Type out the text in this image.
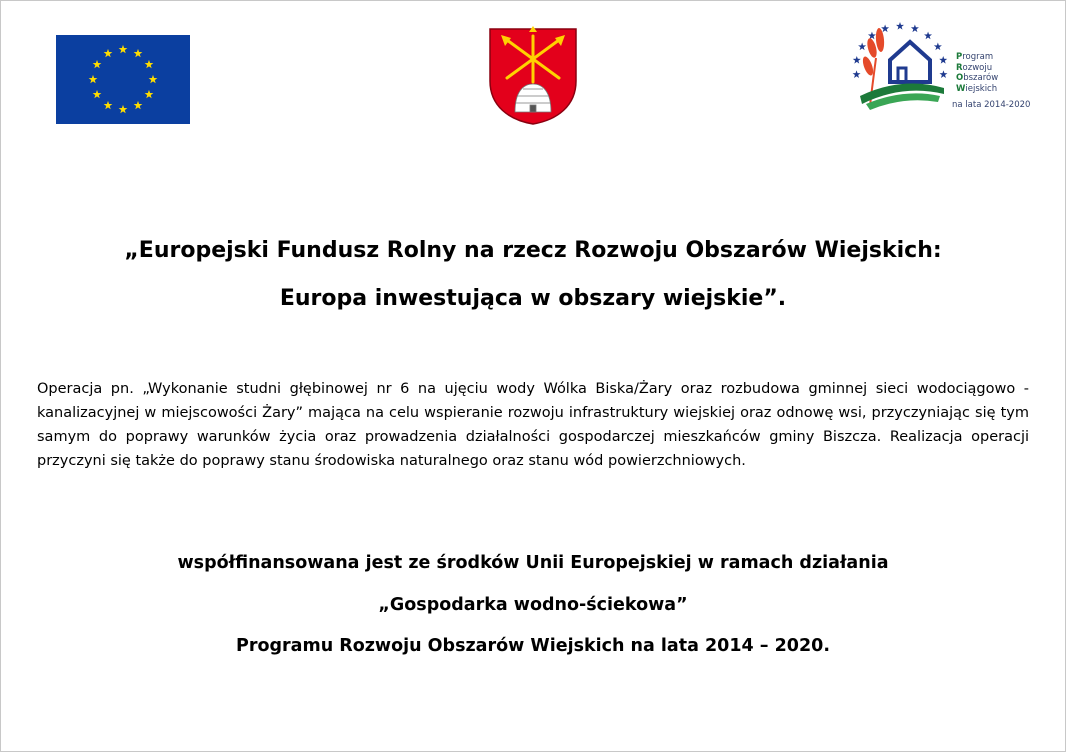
Program
Rozwoju
Obszarów
Wiejskich
na lata 2014-2020
„Europejski Fundusz Rolny na rzecz Rozwoju Obszarów Wiejskich:
Europa inwestująca w obszary wiejskie”.
Operacja pn. „Wykonanie studni głębinowej nr 6 na ujęciu wody Wólka Biska/Żary oraz rozbudowa gminnej sieci wodociągowo - kanalizacyjnej w miejscowości Żary” mająca na celu wspieranie rozwoju infrastruktury wiejskiej oraz odnowę wsi, przyczyniając się tym samym do poprawy warunków życia oraz prowadzenia działalności gospodarczej mieszkańców gminy Biszcza. Realizacja operacji przyczyni się także do poprawy stanu środowiska naturalnego oraz stanu wód powierzchniowych.
współfinansowana jest ze środków Unii Europejskiej w ramach działania
„Gospodarka wodno-ściekowa”
Programu Rozwoju Obszarów Wiejskich na lata 2014 – 2020.
